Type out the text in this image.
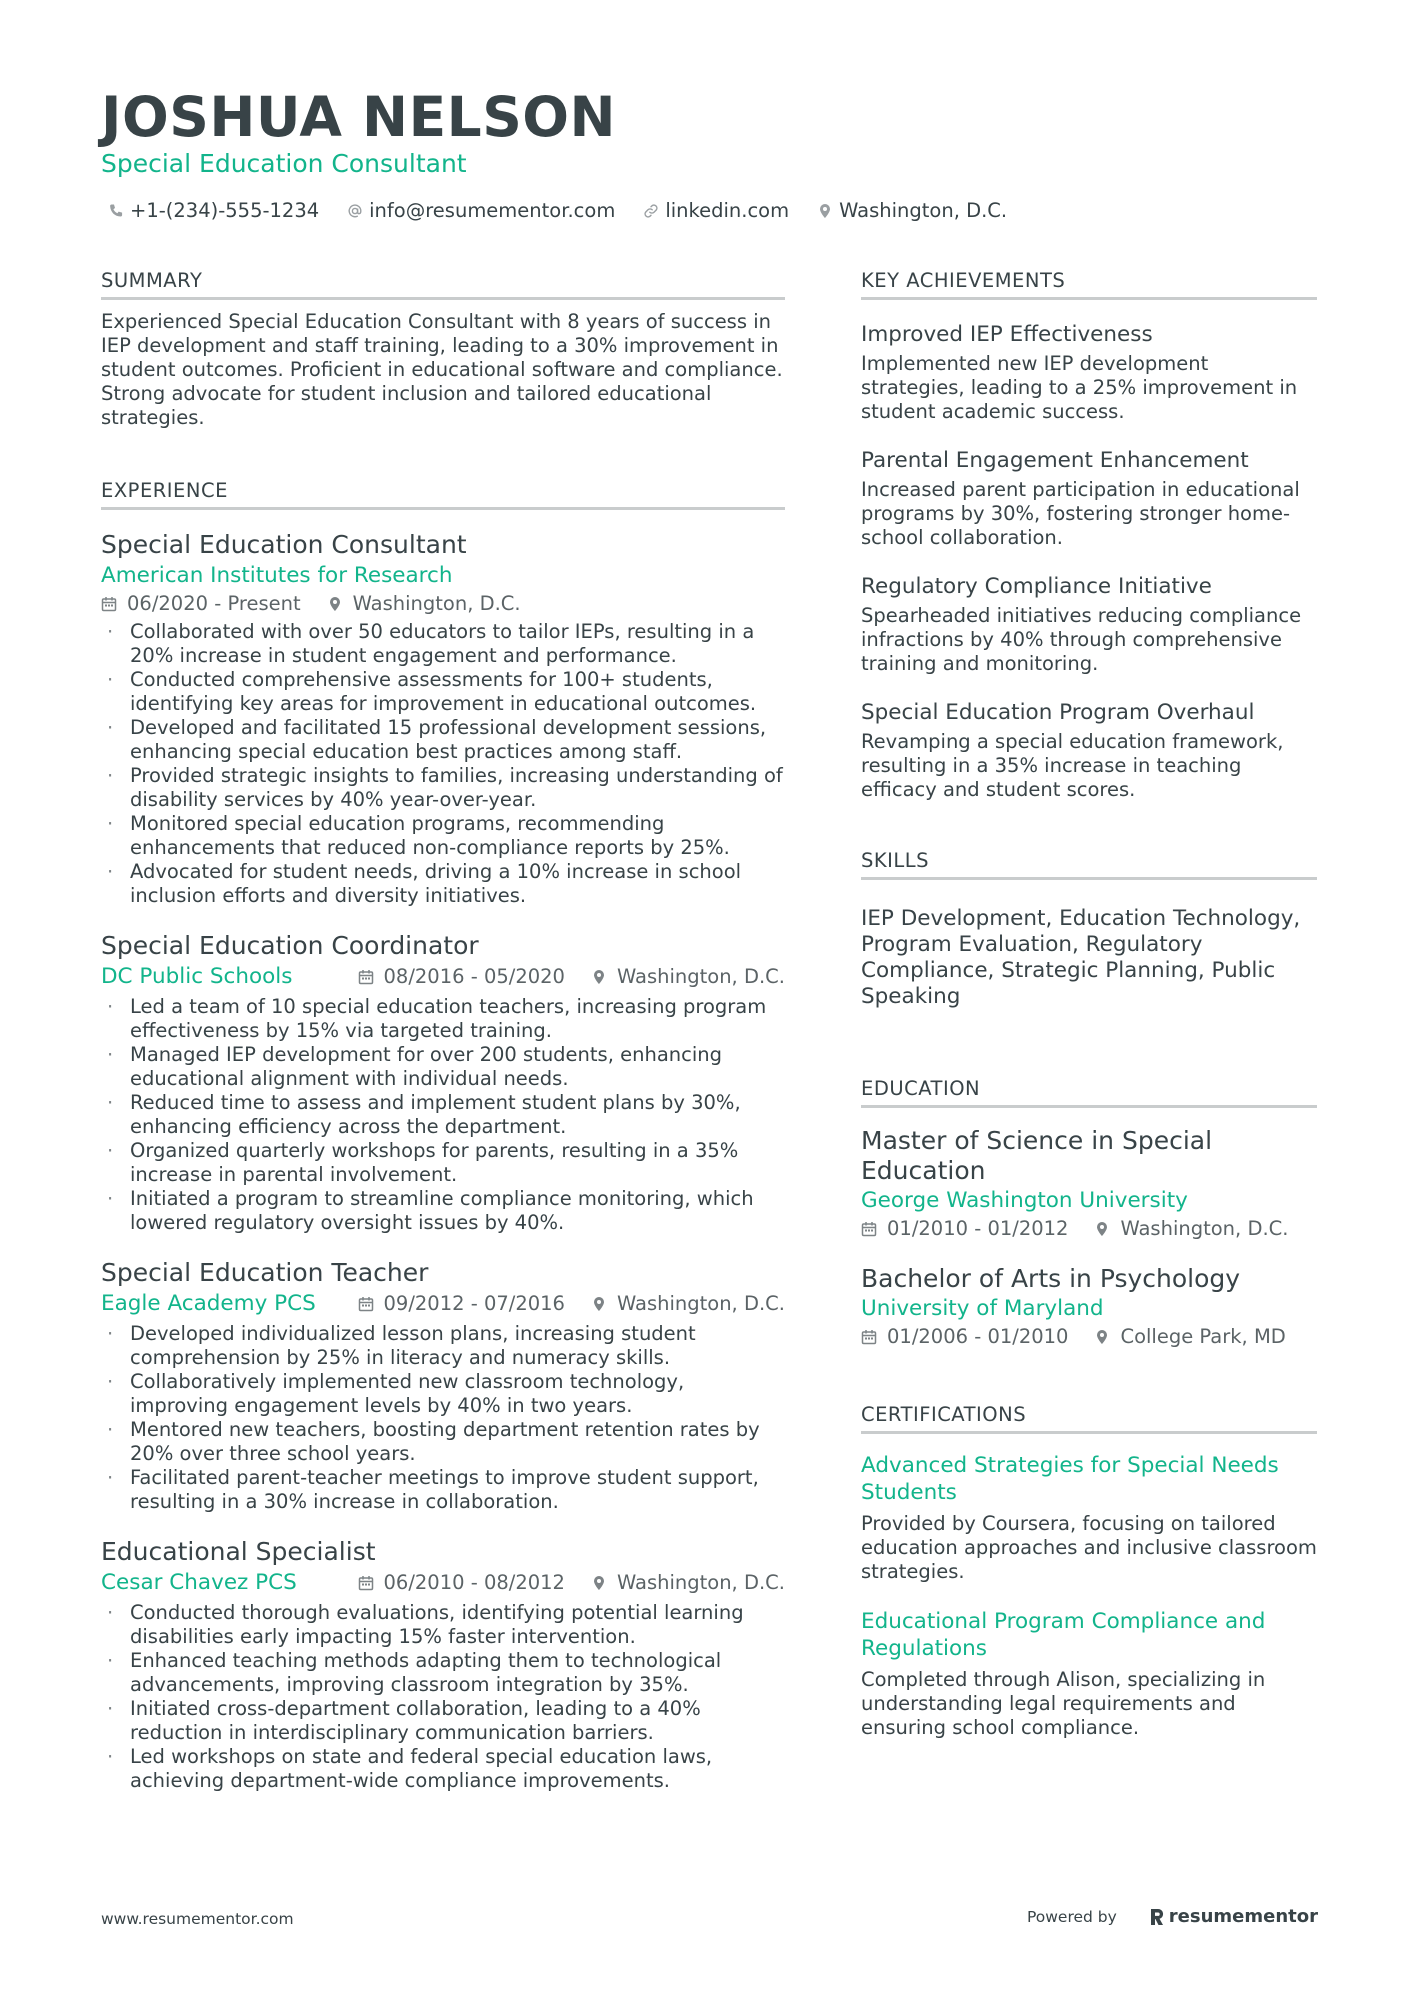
JOSHUA NELSON
Special Education Consultant
+1-(234)-555-1234	info@resumementor.com	linkedin.com	Washington, D.C.
SUMMARY
Experienced Special Education Consultant with 8 years of success in IEP development and staff training, leading to a 30% improvement in student outcomes. Proficient in educational software and compliance. Strong advocate for student inclusion and tailored educational strategies.
EXPERIENCE
Special Education Consultant
American Institutes for Research
06/2020 - Present	Washington, D.C.
· Collaborated with over 50 educators to tailor IEPs, resulting in a 20% increase in student engagement and performance.
· Conducted comprehensive assessments for 100+ students, identifying key areas for improvement in educational outcomes.
· Developed and facilitated 15 professional development sessions, enhancing special education best practices among staff.
· Provided strategic insights to families, increasing understanding of disability services by 40% year-over-year.
· Monitored special education programs, recommending enhancements that reduced non-compliance reports by 25%.
· Advocated for student needs, driving a 10% increase in school inclusion efforts and diversity initiatives.
Special Education Coordinator
DC Public Schools	08/2016 - 05/2020	Washington, D.C.
· Led a team of 10 special education teachers, increasing program effectiveness by 15% via targeted training.
· Managed IEP development for over 200 students, enhancing educational alignment with individual needs.
· Reduced time to assess and implement student plans by 30%, enhancing efficiency across the department.
· Organized quarterly workshops for parents, resulting in a 35% increase in parental involvement.
· Initiated a program to streamline compliance monitoring, which lowered regulatory oversight issues by 40%.
Special Education Teacher
Eagle Academy PCS	09/2012 - 07/2016	Washington, D.C.
· Developed individualized lesson plans, increasing student comprehension by 25% in literacy and numeracy skills.
· Collaboratively implemented new classroom technology, improving engagement levels by 40% in two years.
· Mentored new teachers, boosting department retention rates by 20% over three school years.
· Facilitated parent-teacher meetings to improve student support, resulting in a 30% increase in collaboration.
Educational Specialist
Cesar Chavez PCS	06/2010 - 08/2012	Washington, D.C.
· Conducted thorough evaluations, identifying potential learning disabilities early impacting 15% faster intervention.
· Enhanced teaching methods adapting them to technological advancements, improving classroom integration by 35%.
· Initiated cross-department collaboration, leading to a 40% reduction in interdisciplinary communication barriers.
· Led workshops on state and federal special education laws, achieving department-wide compliance improvements.
KEY ACHIEVEMENTS
Improved IEP Effectiveness
Implemented new IEP development strategies, leading to a 25% improvement in student academic success.
Parental Engagement Enhancement
Increased parent participation in educational programs by 30%, fostering stronger home-school collaboration.
Regulatory Compliance Initiative
Spearheaded initiatives reducing compliance infractions by 40% through comprehensive training and monitoring.
Special Education Program Overhaul
Revamping a special education framework, resulting in a 35% increase in teaching efficacy and student scores.
SKILLS
IEP Development, Education Technology, Program Evaluation, Regulatory Compliance, Strategic Planning, Public Speaking
EDUCATION
Master of Science in Special Education
George Washington University
01/2010 - 01/2012	Washington, D.C.
Bachelor of Arts in Psychology
University of Maryland
01/2006 - 01/2010	College Park, MD
CERTIFICATIONS
Advanced Strategies for Special Needs Students
Provided by Coursera, focusing on tailored education approaches and inclusive classroom strategies.
Educational Program Compliance and Regulations
Completed through Alison, specializing in understanding legal requirements and ensuring school compliance.
www.resumementor.com	Powered by	resumementor
